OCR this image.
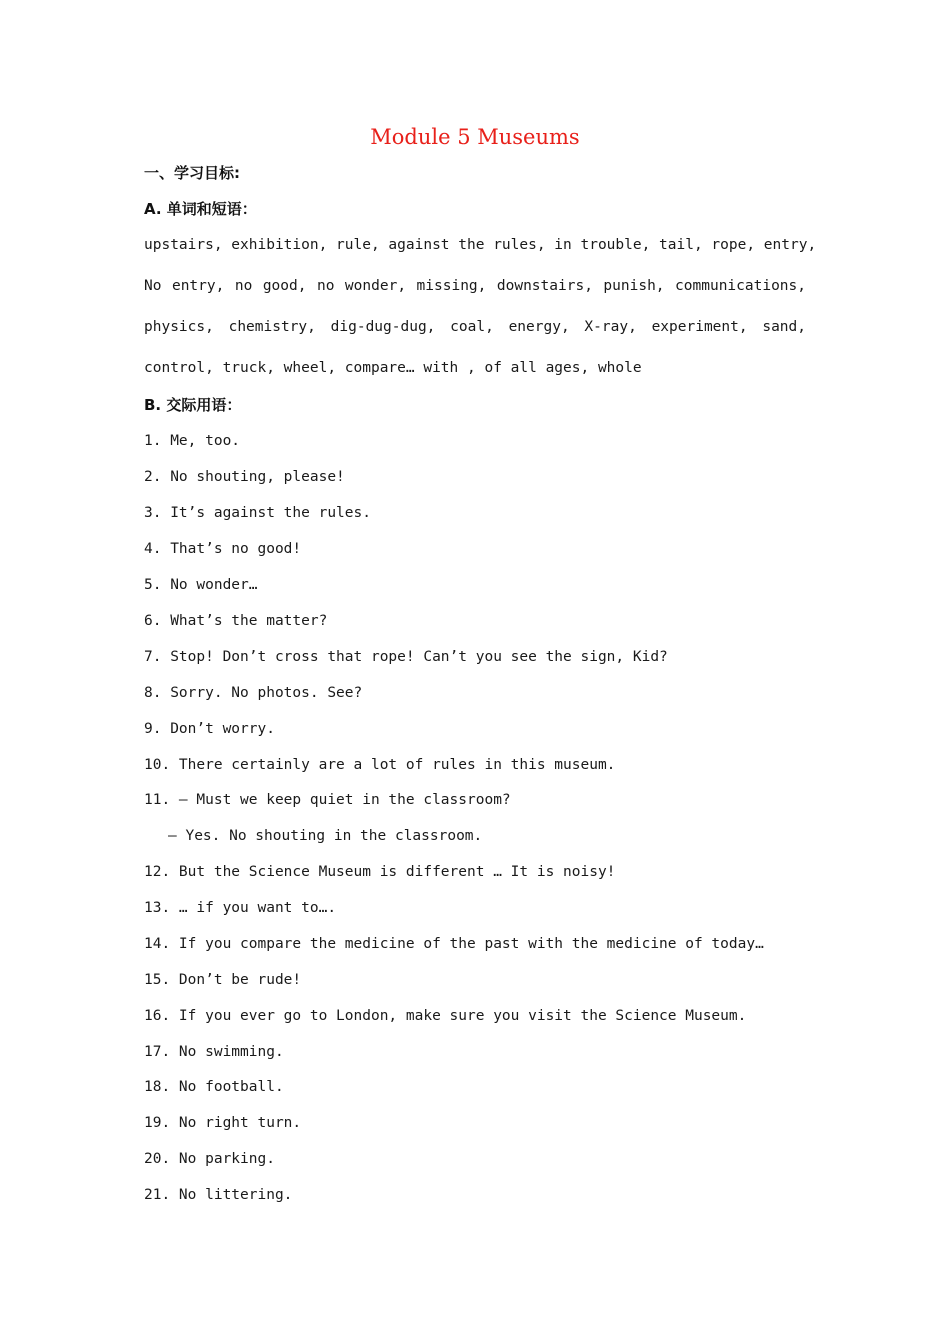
Module 5 Museums
一、学习目标:
A. 单词和短语：
upstairs, exhibition, rule, against the rules, in trouble, tail, rope, entry,
No entry, no good, no wonder, missing, downstairs, punish, communications,
physics, chemistry, dig-dug-dug, coal, energy, X-ray, experiment, sand,
control, truck, wheel, compare… with , of all ages, whole
B. 交际用语：
1. Me, too.
2. No shouting, please!
3. It’s against the rules.
4. That’s no good!
5. No wonder…
6. What’s the matter?
7. Stop! Don’t cross that rope! Can’t you see the sign, Kid?
8. Sorry. No photos. See?
9. Don’t worry.
10. There certainly are a lot of rules in this museum.
11. — Must we keep quiet in the classroom?
— Yes. No shouting in the classroom.
12. But the Science Museum is different … It is noisy!
13. … if you want to….
14. If you compare the medicine of the past with the medicine of today…
15. Don’t be rude!
16. If you ever go to London, make sure you visit the Science Museum.
17. No swimming.
18. No football.
19. No right turn.
20. No parking.
21. No littering.
